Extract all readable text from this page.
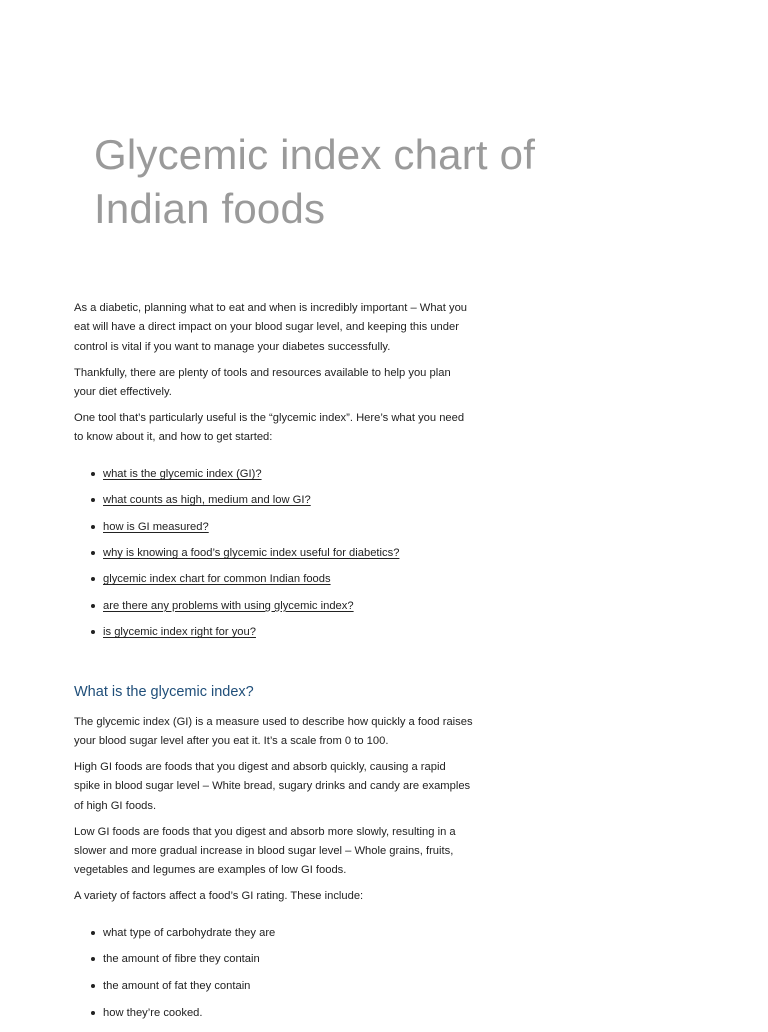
Glycemic index chart of Indian foods

As a diabetic, planning what to eat and when is incredibly important – What you eat will have a direct impact on your blood sugar level, and keeping this under control is vital if you want to manage your diabetes successfully.

Thankfully, there are plenty of tools and resources available to help you plan your diet effectively.

One tool that’s particularly useful is the “glycemic index”. Here’s what you need to know about it, and how to get started:

what is the glycemic index (GI)?
what counts as high, medium and low GI?
how is GI measured?
why is knowing a food’s glycemic index useful for diabetics?
glycemic index chart for common Indian foods
are there any problems with using glycemic index?
is glycemic index right for you?
What is the glycemic index?

The glycemic index (GI) is a measure used to describe how quickly a food raises your blood sugar level after you eat it. It’s a scale from 0 to 100.

High GI foods are foods that you digest and absorb quickly, causing a rapid spike in blood sugar level – White bread, sugary drinks and candy are examples of high GI foods.

Low GI foods are foods that you digest and absorb more slowly, resulting in a slower and more gradual increase in blood sugar level – Whole grains, fruits, vegetables and legumes are examples of low GI foods.

A variety of factors affect a food’s GI rating. These include:

what type of carbohydrate they are
the amount of fibre they contain
the amount of fat they contain
how they’re cooked.
